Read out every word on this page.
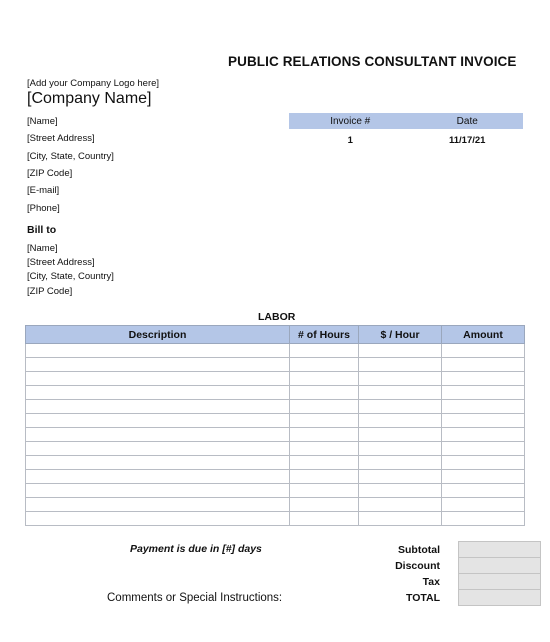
PUBLIC RELATIONS CONSULTANT INVOICE
[Add your Company Logo here]
[Company Name]
[Name]
[Street Address]
[City, State, Country]
[ZIP Code]
[E-mail]
[Phone]
Bill to
[Name]
[Street Address]
[City, State, Country]
[ZIP Code]
Invoice #	Date
1	11/17/21
LABOR
Description	# of Hours	$ / Hour	Amount

Payment is due in [#] days
Comments or Special Instructions:
Subtotal	
Discount	
Tax	
TOTAL	
